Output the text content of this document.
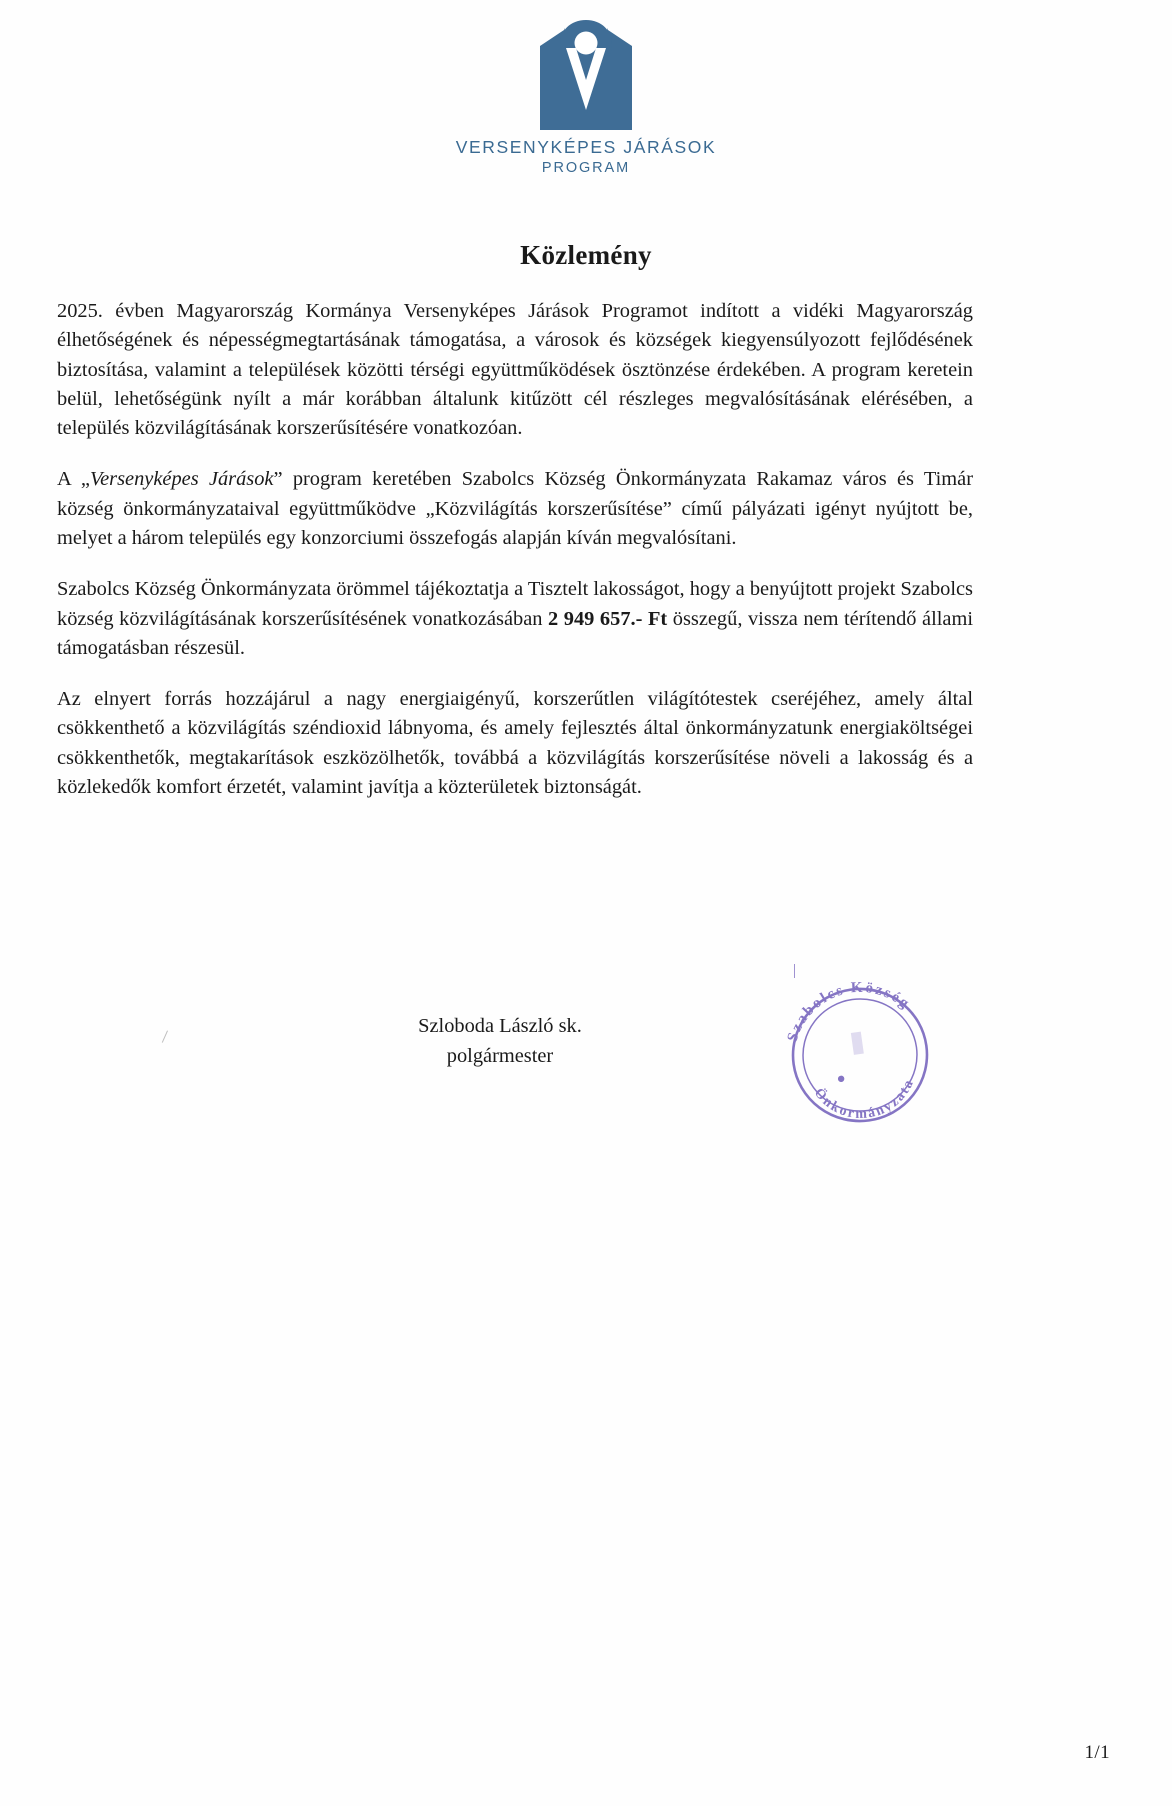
VERSENYKÉPES JÁRÁSOK
PROGRAM
Közlemény

2025. évben Magyarország Kormánya Versenyképes Járások Programot indított a vidéki Magyarország élhetőségének és népességmegtartásának támogatása, a városok és községek kiegyensúlyozott fejlődésének biztosítása, valamint a települések közötti térségi együttműködések ösztönzése érdekében. A program keretein belül, lehetőségünk nyílt a már korábban általunk kitűzött cél részleges megvalósításának elérésében, a település közvilágításának korszerűsítésére vonatkozóan.

A „Versenyképes Járások” program keretében Szabolcs Község Önkormányzata Rakamaz város és Timár község önkormányzataival együttműködve „Közvilágítás korszerűsítése” című pályázati igényt nyújtott be, melyet a három település egy konzorciumi összefogás alapján kíván megvalósítani.

Szabolcs Község Önkormányzata örömmel tájékoztatja a Tisztelt lakosságot, hogy a benyújtott projekt Szabolcs község közvilágításának korszerűsítésének vonatkozásában 2 949 657.- Ft összegű, vissza nem térítendő állami támogatásban részesül.

Az elnyert forrás hozzájárul a nagy energiaigényű, korszerűtlen világítótestek cseréjéhez, amely által csökkenthető a közvilágítás széndioxid lábnyoma, és amely fejlesztés által önkormányzatunk energiaköltségei csökkenthetők, megtakarítások eszközölhetők, továbbá a közvilágítás korszerűsítése növeli a lakosság és a közlekedők komfort érzetét, valamint javítja a közterületek biztonságát.

Szabolcs Község
Önkormányzata
Szloboda László sk.
polgármester
1/1
